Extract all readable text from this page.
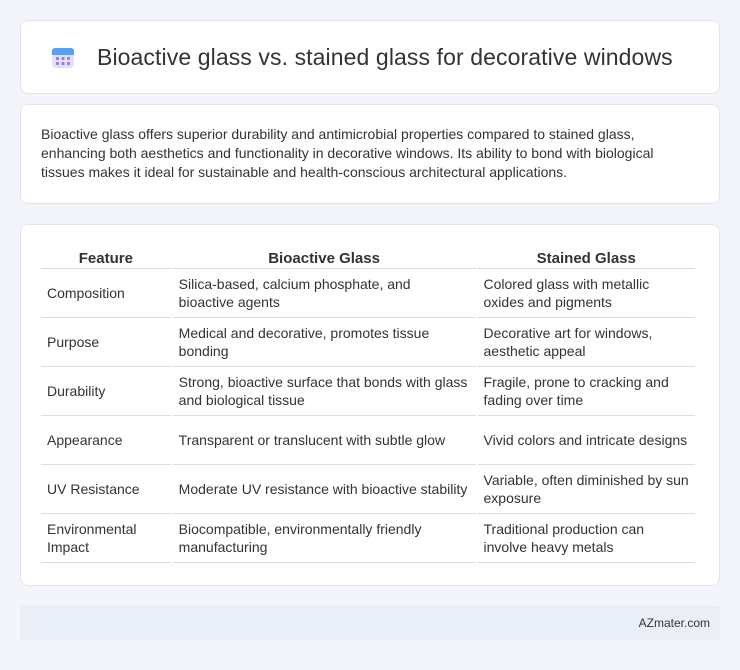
Bioactive glass vs. stained glass for decorative windows

Bioactive glass offers superior durability and antimicrobial properties compared to stained glass, enhancing both aesthetics and functionality in decorative windows. Its ability to bond with biological tissues makes it ideal for sustainable and health-conscious architectural applications.

Feature	Bioactive Glass	Stained Glass
Composition	Silica-based, calcium phosphate, and bioactive agents	Colored glass with metallic oxides and pigments
Purpose	Medical and decorative, promotes tissue bonding	Decorative art for windows, aesthetic appeal
Durability	Strong, bioactive surface that bonds with glass and biological tissue	Fragile, prone to cracking and fading over time
Appearance	Transparent or translucent with subtle glow	Vivid colors and intricate designs
UV Resistance	Moderate UV resistance with bioactive stability	Variable, often diminished by sun exposure
Environmental Impact	Biocompatible, environmentally friendly manufacturing	Traditional production can involve heavy metals
AZmater.com
